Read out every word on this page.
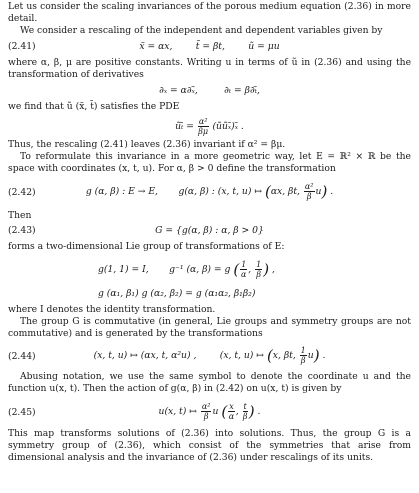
Let us consider the scaling invariances of the porous medium equation (2.36) in more detail.

We consider a rescaling of the independent and dependent variables given by

(2.41)	x̃ = αx,        t̃ = βt,        ũ = μu

where α, β, μ are positive constants. Writing u in terms of ũ in (2.36) and using the transformation of derivatives

∂ₓ = α∂ₓ̃,	∂ₜ = β∂ₜ̃,

we find that ũ (x̃, t̃) satisfies the PDE

ũₜ̃ = $\frac{\text{α²}}{\beta\mu}$ (ũũₓ̃)ₓ̃ .

Thus, the rescaling (2.41) leaves (2.36) invariant if α² = βμ.

To reformulate this invariance in a more geometric way, let E = ℝ² × ℝ be the space with coordinates (x, t, u). For α, β > 0 define the transformation

(2.42)	g (α, β) : E → E, g(α, β) : (x, t, u) ↦ (αx, βt, $\frac{\text{α²}}{\beta} u$) .

Then

(2.43)	G = {g(α, β) : α, β > 0}

forms a two-dimensional Lie group of transformations of E:

g(1, 1) = I, g⁻¹ (α, β) = g ( $\frac{1}{\alpha}$ , $\frac{1}{\beta}$ ) ,
g (α₁, β₁) g (α₂, β₂) = g (α₁α₂, β₁β₂)

where I denotes the identity transformation.

The group G is commutative (in general, Lie groups and symmetry groups are not commutative) and is generated by the transformations

(2.44)	(x, t, u) ↦ (αx, t, α²u) ,	(x, t, u) ↦ (x, βt, $\frac{1}{\beta} u$) .

Abusing notation, we use the same symbol to denote the coordinate u and the function u(x, t). Then the action of g(α, β) in (2.42) on u(x, t) is given by

(2.45)	u(x, t) ↦ $\frac{\text{α²}}{\beta}$ u ( $\frac{x}{\alpha}$ , $\frac{t}{\beta}$ ) .

This map transforms solutions of (2.36) into solutions. Thus, the group G is a symmetry group of (2.36), which consist of the symmetries that arise from dimensional analysis and the invariance of (2.36) under rescalings of its units.
